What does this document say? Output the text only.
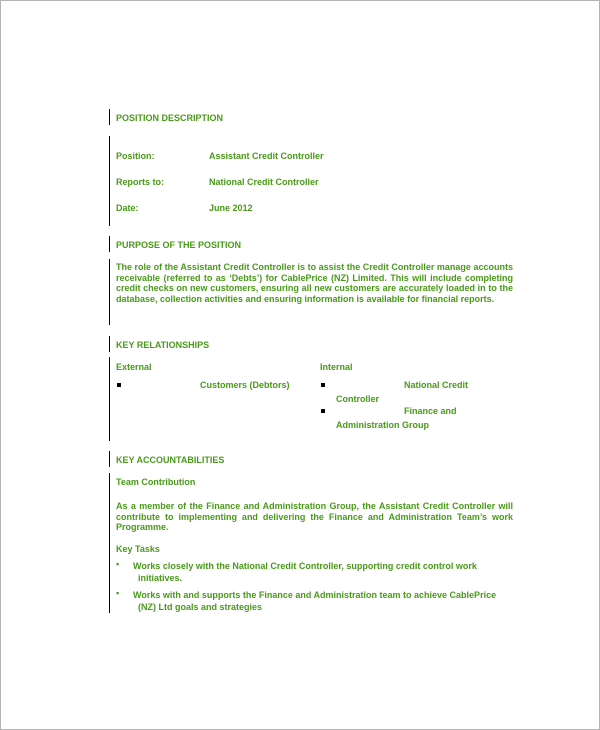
POSITION DESCRIPTION
Position:	Assistant Credit Controller
Reports to:	National Credit Controller
Date:	June 2012
PURPOSE OF THE POSITION
The role of the Assistant Credit Controller is to assist the Credit Controller manage accounts receivable (referred to as ‘Debts’) for CablePrice (NZ) Limited. This will include completing credit checks on new customers, ensuring all new customers are accurately loaded in to the database, collection activities and ensuring information is available for financial reports.
KEY RELATIONSHIPS
External	Internal
Customers (Debtors)	National Credit
Controller
Finance and
Administration Group
KEY ACCOUNTABILITIES
Team Contribution
As a member of the Finance and Administration Group, the Assistant Credit Controller will contribute to implementing and delivering the Finance and Administration Team’s work Programme.
Key Tasks
▪ Works closely with the National Credit Controller, supporting credit control work
initiatives.
▪ Works with and supports the Finance and Administration team to achieve CablePrice
(NZ) Ltd goals and strategies
